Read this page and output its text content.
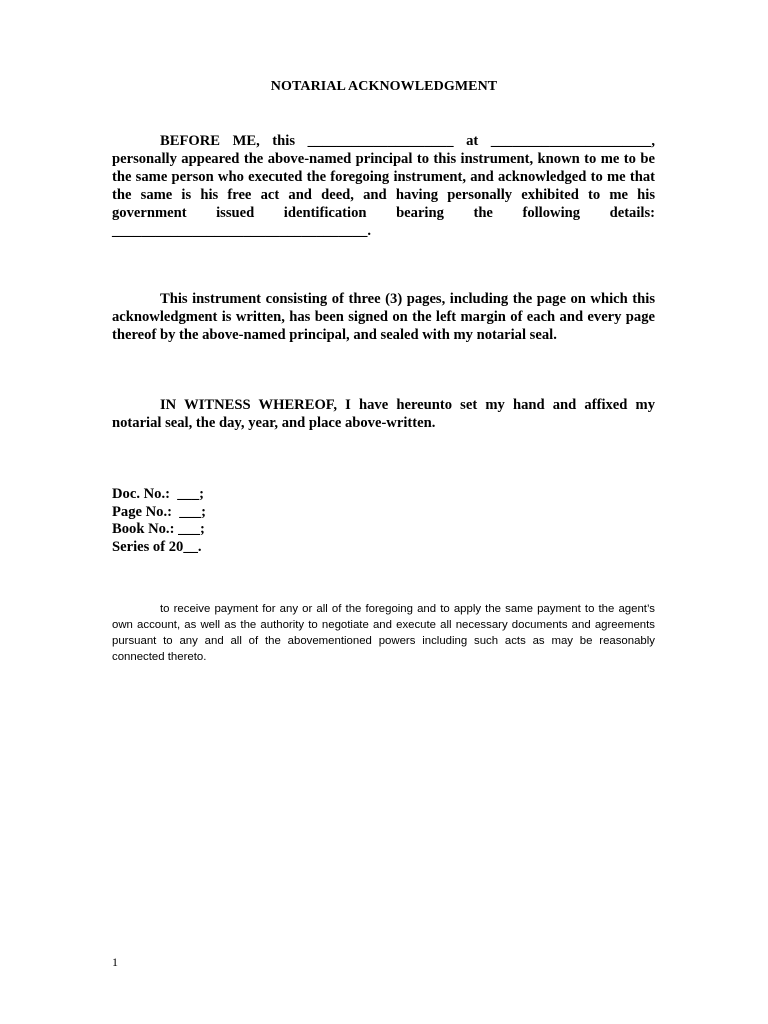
NOTARIAL ACKNOWLEDGMENT

BEFORE ME, this ____________________ at ______________________, personally appeared the above-named principal to this instrument, known to me to be the same person who executed the foregoing instrument, and acknowledged to me that the same is his free act and deed, and having personally exhibited to me his government issued identification bearing the following details: ___________________________________.

This instrument consisting of three (3) pages, including the page on which this acknowledgment is written, has been signed on the left margin of each and every page thereof by the above-named principal, and sealed with my notarial seal.

IN WITNESS WHEREOF, I have hereunto set my hand and affixed my notarial seal, the day, year, and place above-written.

Doc. No.:  ___;
Page No.:  ___;
Book No.: ___;
Series of 20__.

to receive payment for any or all of the foregoing and to apply the same payment to the agent’s own account, as well as the authority to negotiate and execute all necessary documents and agreements pursuant to any and all of the abovementioned powers including such acts as may be reasonably connected thereto.

1
